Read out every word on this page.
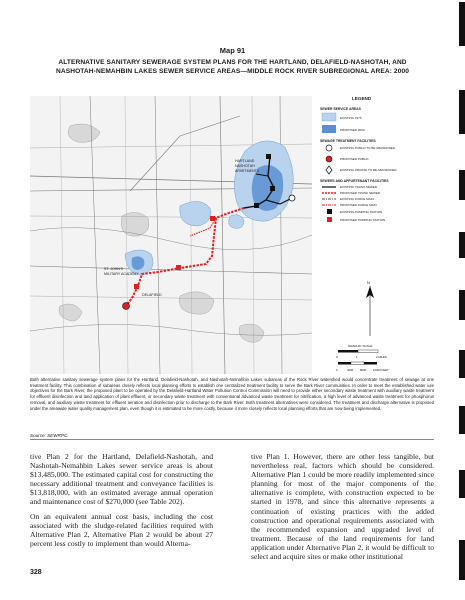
Map 91
ALTERNATIVE SANITARY SEWERAGE SYSTEM PLANS FOR THE HARTLAND, DELAFIELD-NASHOTAH, AND
NASHOTAH-NEMAHBIN LAKES SEWER SERVICE AREAS—MIDDLE ROCK RIVER SUBREGIONAL AREA: 2000
HARTLAND
NASHOTAH
APARTMENTS
ST. JOHN'S
MILITARY ACADEMY
DELAFIELD
LEGEND
SEWER SERVICE AREAS
EXISTING 1975
PROPOSED 2000
SEWAGE TREATMENT FACILITIES
EXISTING PUBLIC TO BE ABANDONED
PROPOSED PUBLIC
EXISTING PRIVATE TO BE ABANDONED
SEWERS AND APPURTENANT FACILITIES
EXISTING TRUNK SEWER
PROPOSED TRUNK SEWER
EXISTING FORCE MAIN
PROPOSED FORCE MAIN
EXISTING PUMPING STATION
PROPOSED PUMPING STATION
N
GRAPHIC SCALE
0	1	2 MILES
0	4000 8000 12000 FEET
Both alternative sanitary sewerage system plans for the Hartland, Delafield-Nashotah, and Nashotah-Nemahbin Lakes subareas of the Rock River watershed would concentrate treatment of sewage at one treatment facility. This combination of subareas closely reflects local planning efforts to establish one centralized treatment facility to serve the Bark River communities. In order to meet the established water use objectives for the Bark River, the proposed plant to be operated by the Delafield-Hartland Water Pollution Control Commission will need to provide either secondary waste treatment with auxiliary waste treatment for effluent disinfection and land application of plant effluent, or secondary waste treatment with conventional advanced waste treatment for nitrification, a high level of advanced waste treatment for phosphorus removal, and auxiliary waste treatment for effluent aeration and disinfection prior to discharge to the Bark River. Both treatment alternatives were considered. The treatment and discharge alternative is proposed under the areawide water quality management plan, even though it is estimated to be more costly, because it more closely reflects local planning efforts that are now being implemented.
Source: SEWRPC.

tive Plan 2 for the Hartland, Delafield-Nashotah, and Nashotah-Nemahbin Lakes sewer service areas is about $13,485,000. The estimated capital cost for constructing the necessary additional treatment and conveyance facilities is $13,818,000, with an estimated average annual operation and maintenance cost of $270,000 (see Table 202).

On an equivalent annual cost basis, including the cost associated with the sludge-related facilities required with Alternative Plan 2, Alternative Plan 2 would be about 27 percent less costly to implement than would Alterna-

tive Plan 1. However, there are other less tangible, but nevertheless real, factors which should be considered. Alternative Plan 1 could be more readily implemented since planning for most of the major components of the alternative is complete, with construction expected to be started in 1978, and since this alternative represents a continuation of existing practices with the added construction and operational requirements associated with the recommended expansion and upgraded level of treatment. Because of the land requirements for land application under Alternative Plan 2, it would be difficult to select and acquire sites or make other institutional

328
